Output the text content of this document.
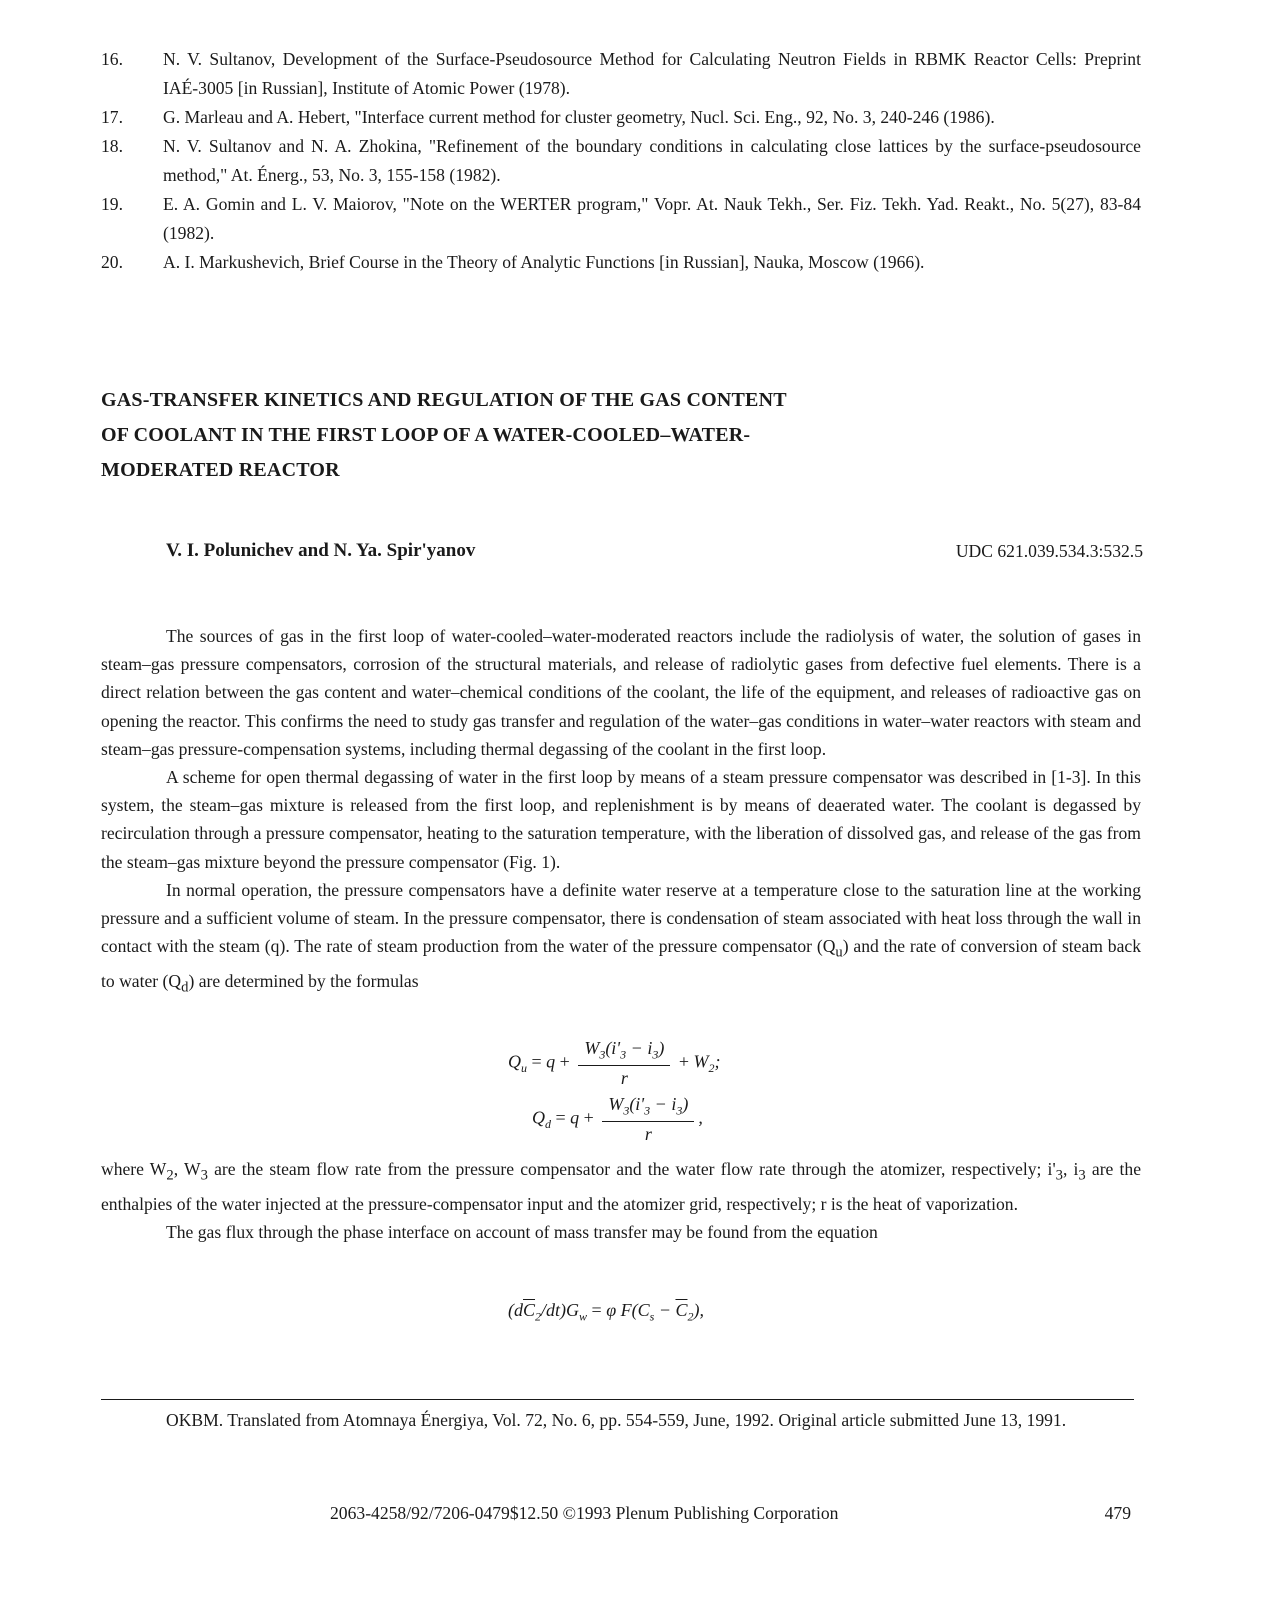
16.	N. V. Sultanov, Development of the Surface-Pseudosource Method for Calculating Neutron Fields in RBMK Reactor Cells: Preprint IAÉ-3005 [in Russian], Institute of Atomic Power (1978).
17.	G. Marleau and A. Hebert, "Interface current method for cluster geometry, Nucl. Sci. Eng., 92, No. 3, 240-246 (1986).
18.	N. V. Sultanov and N. A. Zhokina, "Refinement of the boundary conditions in calculating close lattices by the surface-pseudosource method," At. Énerg., 53, No. 3, 155-158 (1982).
19.	E. A. Gomin and L. V. Maiorov, "Note on the WERTER program," Vopr. At. Nauk Tekh., Ser. Fiz. Tekh. Yad. Reakt., No. 5(27), 83-84 (1982).
20.	A. I. Markushevich, Brief Course in the Theory of Analytic Functions [in Russian], Nauka, Moscow (1966).
GAS-TRANSFER KINETICS AND REGULATION OF THE GAS CONTENT
OF COOLANT IN THE FIRST LOOP OF A WATER-COOLED–WATER-
MODERATED REACTOR
V. I. Polunichev and N. Ya. Spir'yanov	UDC 621.039.534.3:532.5

The sources of gas in the first loop of water-cooled–water-moderated reactors include the radiolysis of water, the solution of gases in steam–gas pressure compensators, corrosion of the structural materials, and release of radiolytic gases from defective fuel elements. There is a direct relation between the gas content and water–chemical conditions of the coolant, the life of the equipment, and releases of radioactive gas on opening the reactor. This confirms the need to study gas transfer and regulation of the water–gas conditions in water–water reactors with steam and steam–gas pressure-compensation systems, including thermal degassing of the coolant in the first loop.

A scheme for open thermal degassing of water in the first loop by means of a steam pressure compensator was described in [1-3]. In this system, the steam–gas mixture is released from the first loop, and replenishment is by means of deaerated water. The coolant is degassed by recirculation through a pressure compensator, heating to the saturation temperature, with the liberation of dissolved gas, and release of the gas from the steam–gas mixture beyond the pressure compensator (Fig. 1).

In normal operation, the pressure compensators have a definite water reserve at a temperature close to the saturation line at the working pressure and a sufficient volume of steam. In the pressure compensator, there is condensation of steam associated with heat loss through the wall in contact with the steam (q). The rate of steam production from the water of the pressure compensator $(Q_u)$ and the rate of conversion of steam back to water $(Q_d)$ are determined by the formulas

$Q_u = q + \frac{W_3(i'_3 - i_3)}{r} + W_2$;
$Q_d = q + \frac{W_3(i'_3 - i_3)}{r}$ ,

where $W_2$, $W_3$ are the steam flow rate from the pressure compensator and the water flow rate through the atomizer, respectively; $i'_3$, $i_3$ are the enthalpies of the water injected at the pressure-compensator input and the atomizer grid, respectively; r is the heat of vaporization.

The gas flux through the phase interface on account of mass transfer may be found from the equation

$(d\overline{C}_2/dt)G_w = \varphi$ $F(C_s - \overline{C}_2)$,

OKBM. Translated from Atomnaya Énergiya, Vol. 72, No. 6, pp. 554-559, June, 1992. Original article submitted June 13, 1991.

2063-4258/92/7206-0479$12.50 ©1993 Plenum Publishing Corporation	479
